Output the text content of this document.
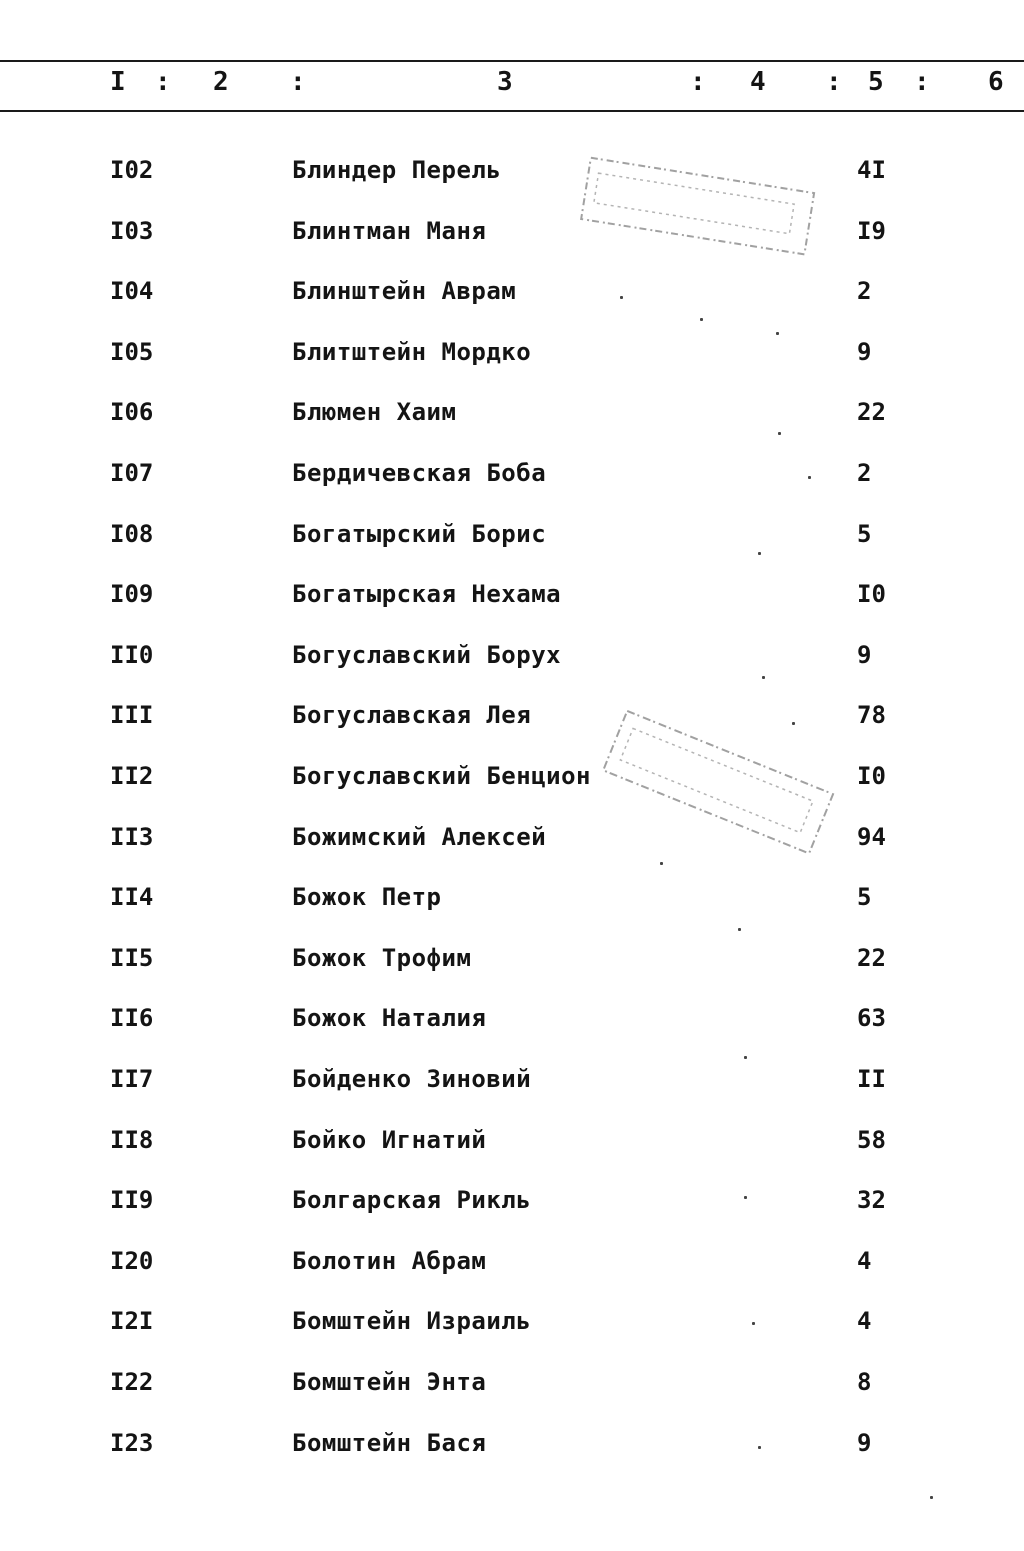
I : 2 :	3	: 4 : 5 : 6
I02	Блиндер Перель	4I
I03	Блинтман Маня	I9
I04	Блинштейн Аврам	2
I05	Блитштейн Мордко	9
I06	Блюмен Хаим	22
I07	Бердичевская Боба	2
I08	Богатырский Борис	5
I09	Богатырская Нехама	I0
II0	Богуславский Борух	9
III	Богуславская Лея	78
II2	Богуславский Бенцион	I0
II3	Божимский Алексей	94
II4	Божок Петр	5
II5	Божок Трофим	22
II6	Божок Наталия	63
II7	Бойденко Зиновий	II
II8	Бойко Игнатий	58
II9	Болгарская Рикль	32
I20	Болотин Абрам	4
I2I	Бомштейн Израиль	4
I22	Бомштейн Энта	8
I23	Бомштейн Бася	9
